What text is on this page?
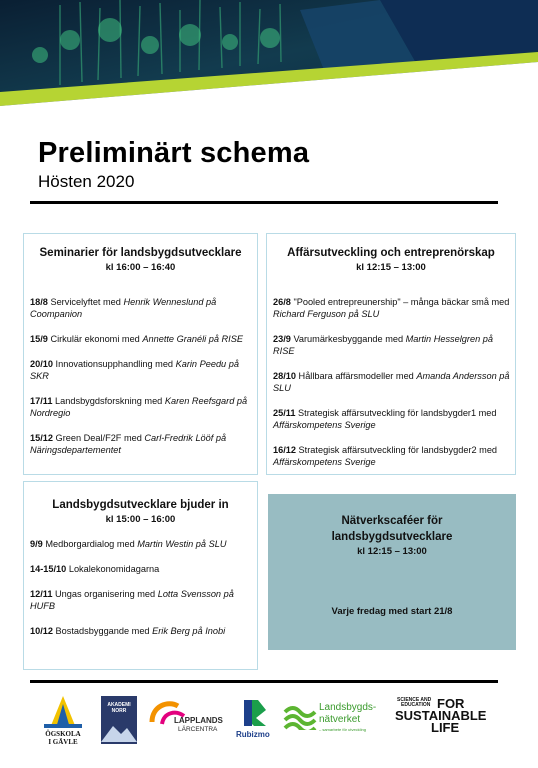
Preliminärt schema
Hösten 2020
Seminarier för landsbygdsutvecklare
kl 16:00 – 16:40

18/8 Servicelyftet med Henrik Wenneslund på Coompanion

15/9 Cirkulär ekonomi med Annette Granéli på RISE

20/10 Innovationsupphandling med Karin Peedu på SKR

17/11 Landsbygdsforskning med Karen Reefsgard på Nordregio

15/12 Green Deal/F2F med Carl-Fredrik Lööf på Näringsdepartementet

Affärsutveckling och entreprenörskap
kl 12:15 – 13:00

26/8 "Pooled entrepreunership" – många bäckar små med Richard Ferguson på SLU

23/9 Varumärkesbyggande med Martin Hesselgren på RISE

28/10 Hållbara affärsmodeller med Amanda Andersson på SLU

25/11 Strategisk affärsutveckling för landsbygder1 med Affärskompetens Sverige

16/12 Strategisk affärsutveckling för landsbygder2 med Affärskompetens Sverige

Landsbygdsutvecklare bjuder in
kl 15:00 – 16:00

9/9 Medborgardialog med Martin Westin på SLU

14-15/10 Lokalekonomidagarna

12/11 Ungas organisering med Lotta Svensson på HUFB

10/12 Bostadsbyggande med Erik Berg på Inobi

Nätverkscaféer för
landsbygdsutvecklare
kl 12:15 – 13:00
Varje fredag med start 21/8
ÖGSKOLA
I GÄVLE
AKADEMI
NORR
LAPPLANDS
LÄRCENTRA
Rubizmo
Landsbygds-
nätverket
– samarbete för utveckling
SCIENCE AND
EDUCATION FOR
SUSTAINABLE
LIFE
